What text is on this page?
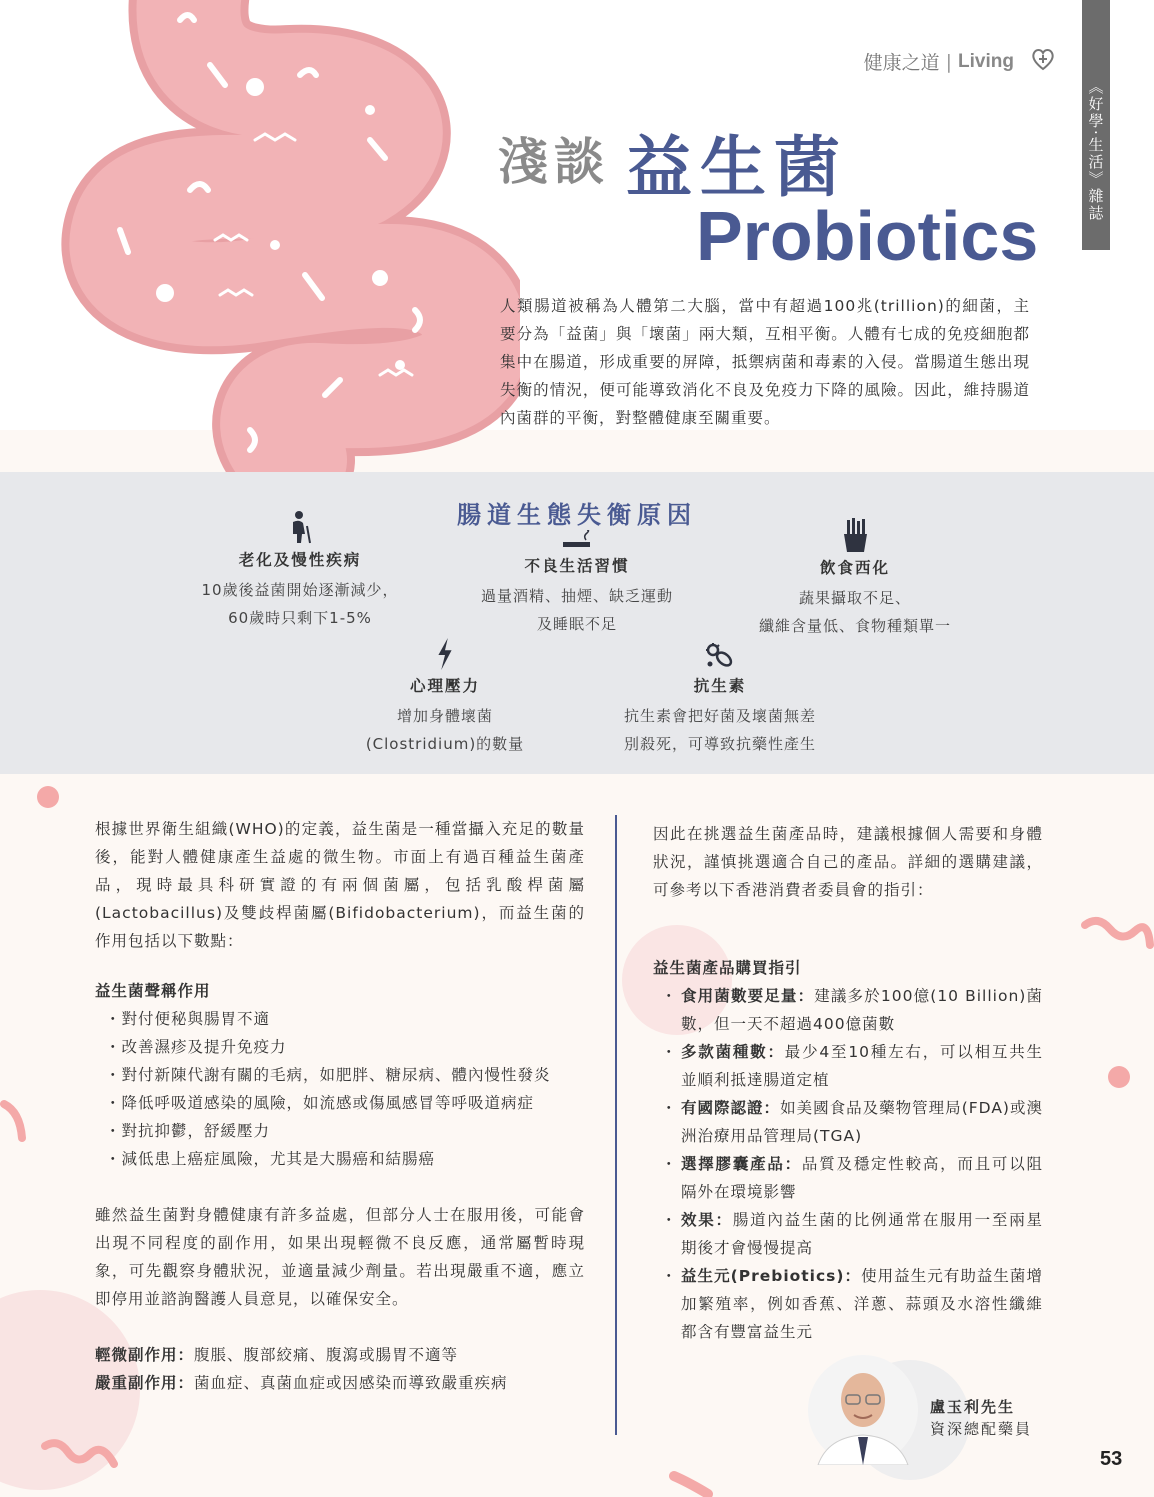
《好學‧生活》雜誌
健康之道 | Living
淺談 益生菌
Probiotics

人類腸道被稱為人體第二大腦，當中有超過100兆(trillion)的細菌，主要分為「益菌」與「壞菌」兩大類，互相平衡。人體有七成的免疫細胞都集中在腸道，形成重要的屏障，抵禦病菌和毒素的入侵。當腸道生態出現失衡的情況，便可能導致消化不良及免疫力下降的風險。因此，維持腸道內菌群的平衡，對整體健康至關重要。

腸道生態失衡原因
老化及慢性疾病
10歲後益菌開始逐漸減少，
60歲時只剩下1-5%
不良生活習慣
過量酒精、抽煙、缺乏運動
及睡眠不足
飲食西化
蔬果攝取不足、
纖維含量低、食物種類單一
心理壓力
增加身體壞菌
(Clostridium)的數量
抗生素
抗生素會把好菌及壞菌無差
別殺死，可導致抗藥性產生

根據世界衛生組織(WHO)的定義，益生菌是一種當攝入充足的數量後，能對人體健康產生益處的微生物。市面上有過百種益生菌產品，現時最具科研實證的有兩個菌屬，包括乳酸桿菌屬(Lactobacillus)及雙歧桿菌屬(Bifidobacterium)，而益生菌的作用包括以下數點：

益生菌聲稱作用

・對付便秘與腸胃不適
・改善濕疹及提升免疫力
・對付新陳代謝有關的毛病，如肥胖、糖尿病、體內慢性發炎
・降低呼吸道感染的風險，如流感或傷風感冒等呼吸道病症
・對抗抑鬱，舒緩壓力
・減低患上癌症風險，尤其是大腸癌和結腸癌

雖然益生菌對身體健康有許多益處，但部分人士在服用後，可能會出現不同程度的副作用，如果出現輕微不良反應，通常屬暫時現象，可先觀察身體狀況，並適量減少劑量。若出現嚴重不適，應立即停用並諮詢醫護人員意見，以確保安全。

輕微副作用：腹脹、腹部絞痛、腹瀉或腸胃不適等
嚴重副作用：菌血症、真菌血症或因感染而導致嚴重疾病

因此在挑選益生菌產品時，建議根據個人需要和身體狀況，謹慎挑選適合自己的產品。詳細的選購建議，可參考以下香港消費者委員會的指引：

益生菌產品購買指引

・ 食用菌數要足量：建議多於100億(10 Billion)菌數，但一天不超過400億菌數
・ 多款菌種數：最少4至10種左右，可以相互共生並順利抵達腸道定植
・ 有國際認證：如美國食品及藥物管理局(FDA)或澳洲治療用品管理局(TGA)
・ 選擇膠囊產品：品質及穩定性較高，而且可以阻隔外在環境影響
・ 效果：腸道內益生菌的比例通常在服用一至兩星期後才會慢慢提高
・ 益生元(Prebiotics)：使用益生元有助益生菌增加繁殖率，例如香蕉、洋蔥、蒜頭及水溶性纖維都含有豐富益生元
盧玉利先生
資深總配藥員
53
